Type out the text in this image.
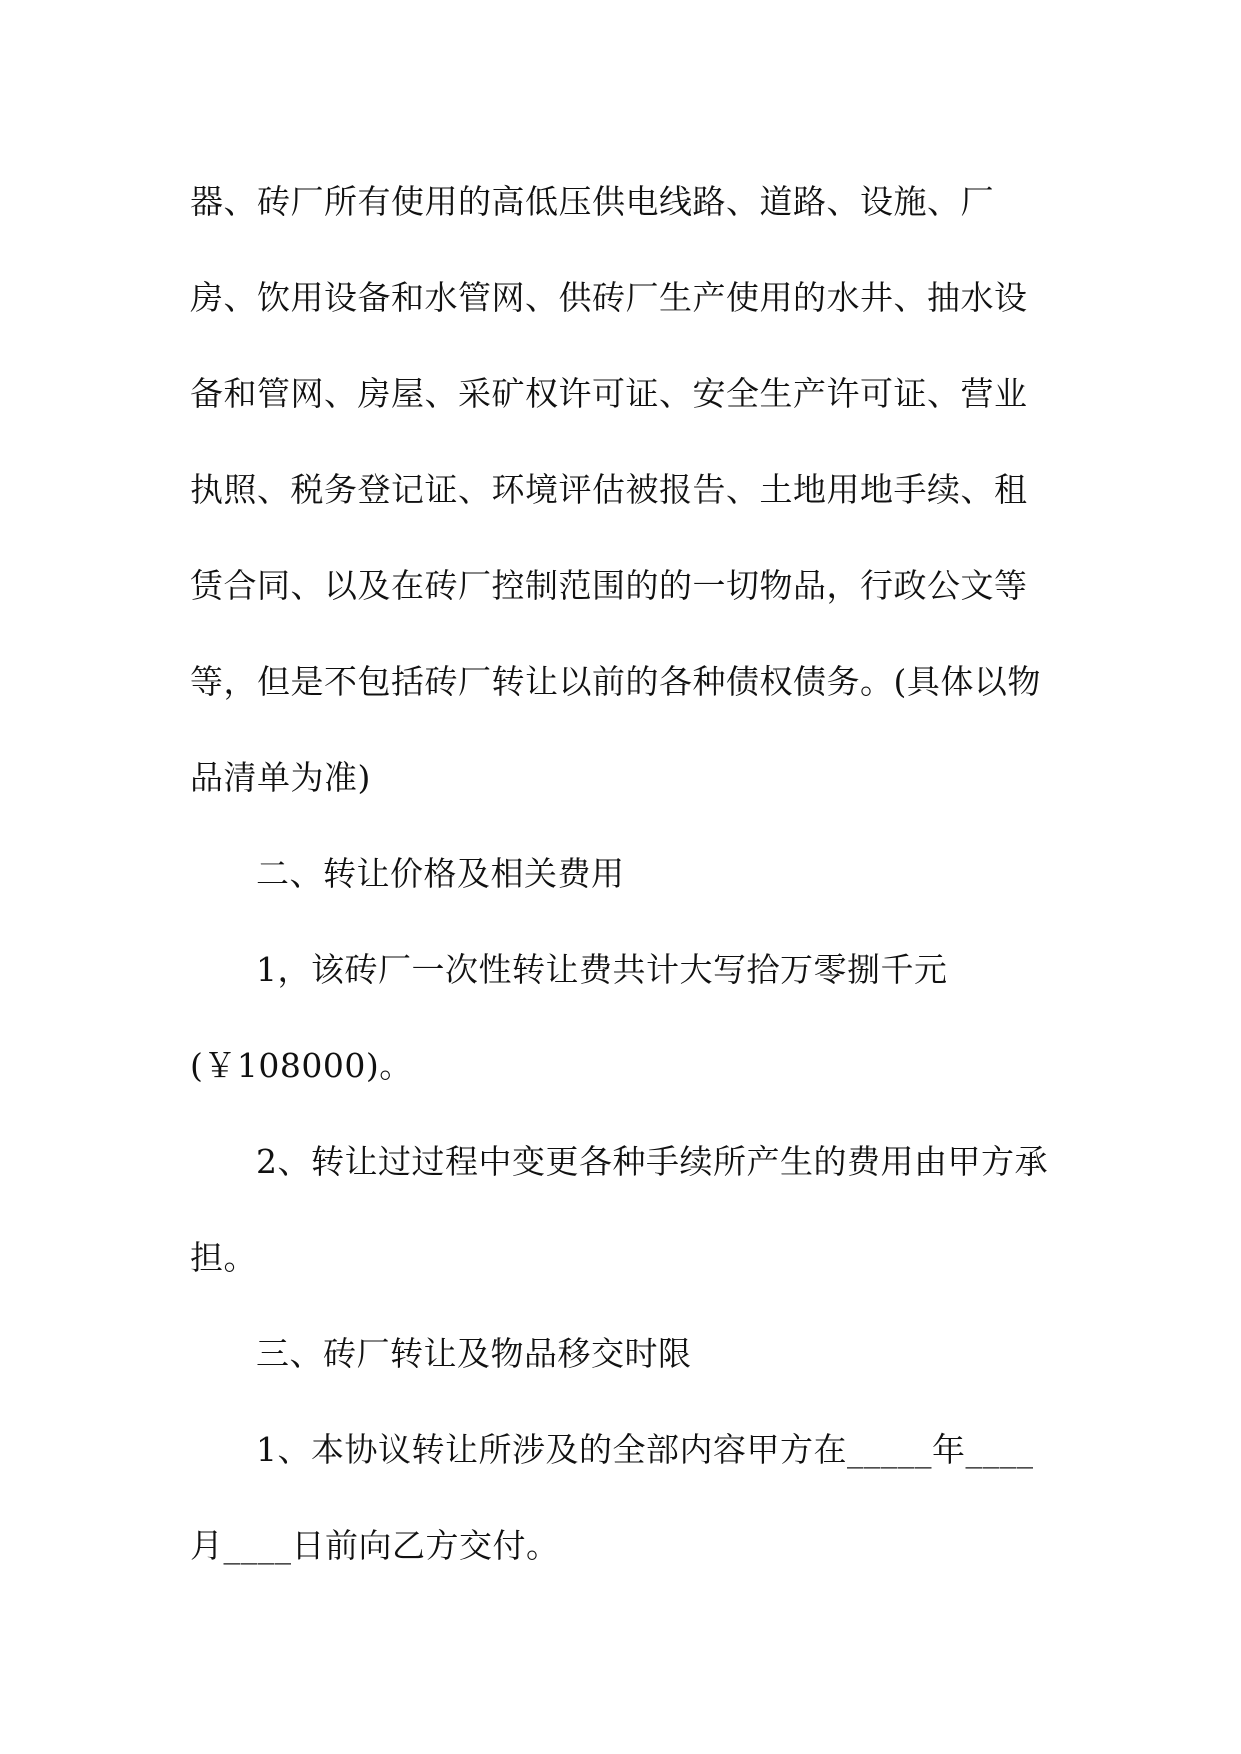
器、砖厂所有使用的高低压供电线路、道路、设施、厂
房、饮用设备和水管网、供砖厂生产使用的水井、抽水设
备和管网、房屋、采矿权许可证、安全生产许可证、营业
执照、税务登记证、环境评估被报告、土地用地手续、租
赁合同、以及在砖厂控制范围的的一切物品，行政公文等
等，但是不包括砖厂转让以前的各种债权债务。(具体以物
品清单为准)
二、转让价格及相关费用
1，该砖厂一次性转让费共计大写拾万零捌千元
(￥108000)。
2、转让过过程中变更各种手续所产生的费用由甲方承
担。
三、砖厂转让及物品移交时限
1、本协议转让所涉及的全部内容甲方在_____年____
月____日前向乙方交付。
